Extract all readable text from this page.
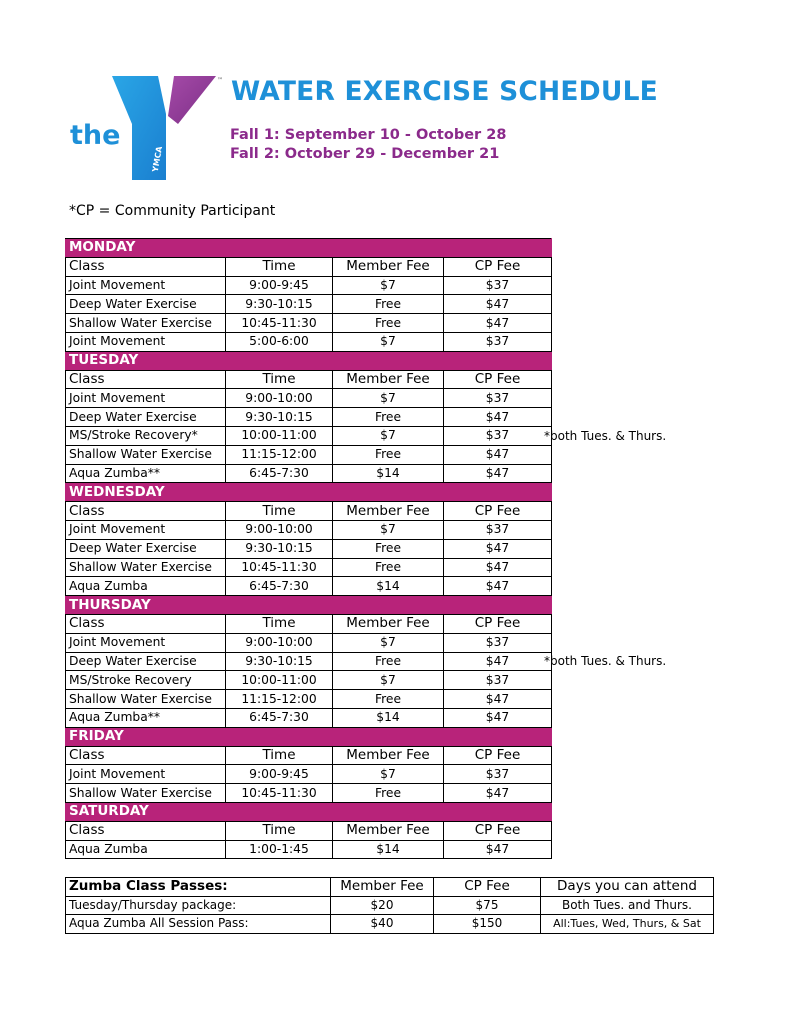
the
YMCA
™ WATER EXERCISE SCHEDULE
Fall 1: September 10 - October 28
Fall 2: October 29 - December 21
*CP = Community Participant
MONDAY			
Class	Time	Member Fee	CP Fee
Joint Movement	9:00-9:45	$7	$37
Deep Water Exercise	9:30-10:15	Free	$47
Shallow Water Exercise	10:45-11:30	Free	$47
Joint Movement	5:00-6:00	$7	$37
TUESDAY			
Class	Time	Member Fee	CP Fee
Joint Movement	9:00-10:00	$7	$37
Deep Water Exercise	9:30-10:15	Free	$47
MS/Stroke Recovery*	10:00-11:00	$7	$37
Shallow Water Exercise	11:15-12:00	Free	$47
Aqua Zumba**	6:45-7:30	$14	$47
WEDNESDAY			
Class	Time	Member Fee	CP Fee
Joint Movement	9:00-10:00	$7	$37
Deep Water Exercise	9:30-10:15	Free	$47
Shallow Water Exercise	10:45-11:30	Free	$47
Aqua Zumba	6:45-7:30	$14	$47
THURSDAY			
Class	Time	Member Fee	CP Fee
Joint Movement	9:00-10:00	$7	$37
Deep Water Exercise	9:30-10:15	Free	$47
MS/Stroke Recovery	10:00-11:00	$7	$37
Shallow Water Exercise	11:15-12:00	Free	$47
Aqua Zumba**	6:45-7:30	$14	$47
FRIDAY			
Class	Time	Member Fee	CP Fee
Joint Movement	9:00-9:45	$7	$37
Shallow Water Exercise	10:45-11:30	Free	$47
SATURDAY			
Class	Time	Member Fee	CP Fee
Aqua Zumba	1:00-1:45	$14	$47
*both Tues. & Thurs.
*both Tues. & Thurs.
Zumba Class Passes:	Member Fee	CP Fee	Days you can attend
Tuesday/Thursday package:	$20	$75	Both Tues. and Thurs.
Aqua Zumba All Session Pass:	$40	$150	All:Tues, Wed, Thurs, & Sat
